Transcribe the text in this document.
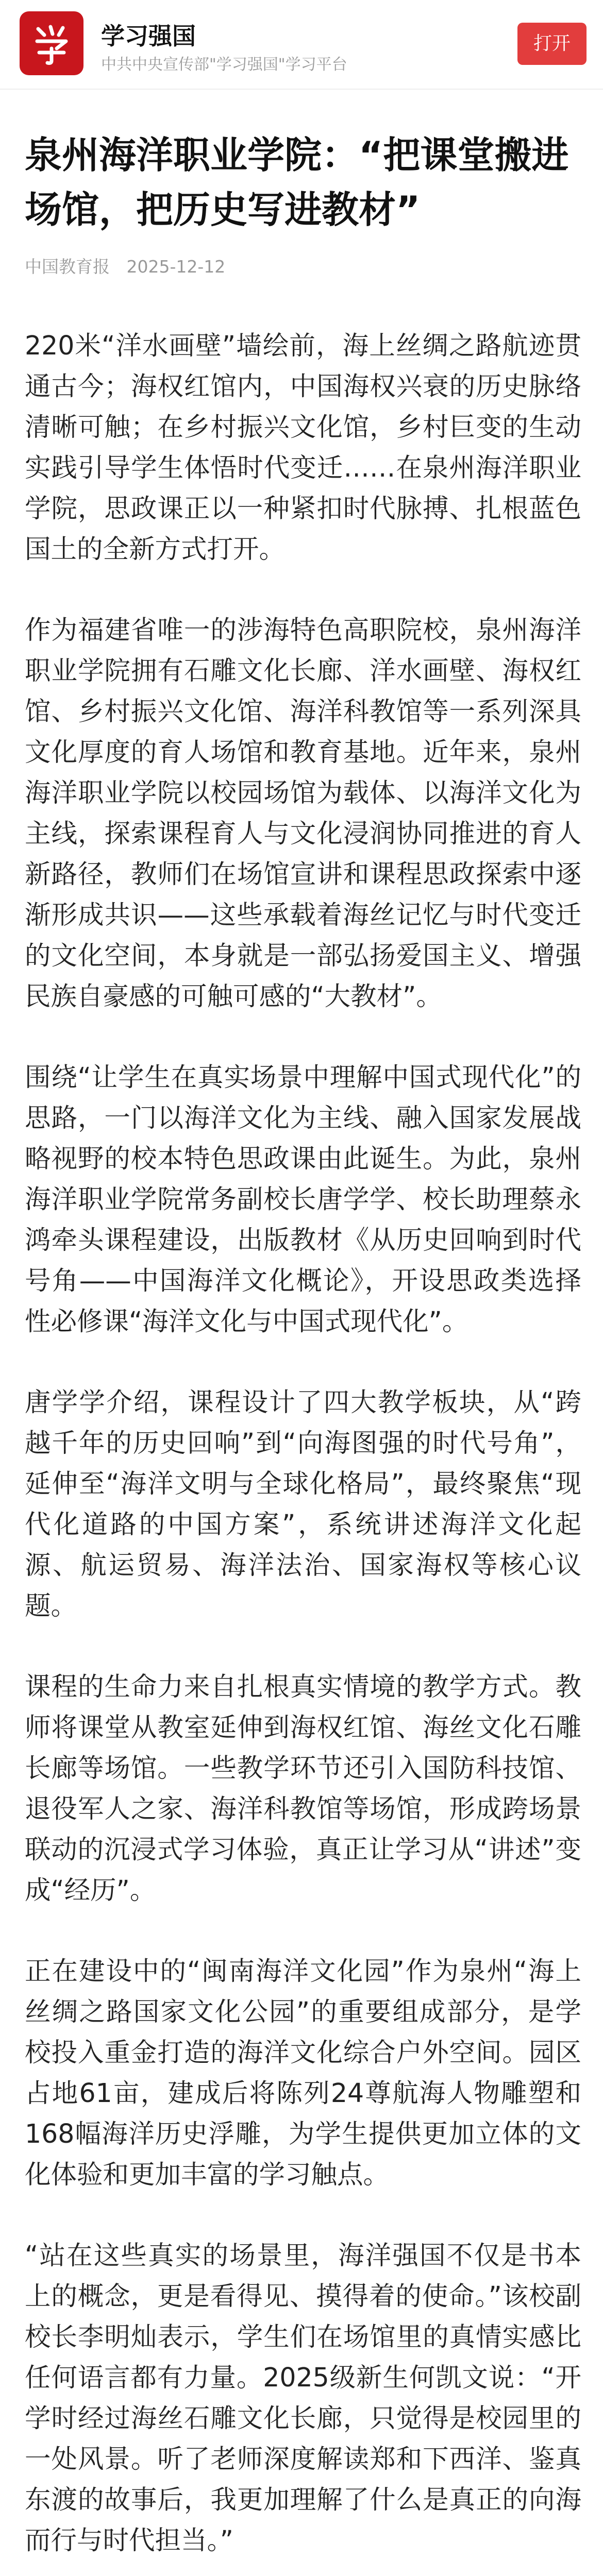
学习强国
中共中央宣传部"学习强国"学习平台
打开
泉州海洋职业学院：“把课堂搬进场馆，把历史写进教材”
中国教育报 2025-12-12

220米“洋水画壁”墙绘前，海上丝绸之路航迹贯通古今；海权红馆内，中国海权兴衰的历史脉络清晰可触；在乡村振兴文化馆，乡村巨变的生动实践引导学生体悟时代变迁……在泉州海洋职业学院，思政课正以一种紧扣时代脉搏、扎根蓝色国土的全新方式打开。

作为福建省唯一的涉海特色高职院校，泉州海洋职业学院拥有石雕文化长廊、洋水画壁、海权红馆、乡村振兴文化馆、海洋科教馆等一系列深具文化厚度的育人场馆和教育基地。近年来，泉州海洋职业学院以校园场馆为载体、以海洋文化为主线，探索课程育人与文化浸润协同推进的育人新路径，教师们在场馆宣讲和课程思政探索中逐渐形成共识——这些承载着海丝记忆与时代变迁的文化空间，本身就是一部弘扬爱国主义、增强民族自豪感的可触可感的“大教材”。

围绕“让学生在真实场景中理解中国式现代化”的思路，一门以海洋文化为主线、融入国家发展战略视野的校本特色思政课由此诞生。为此，泉州海洋职业学院常务副校长唐学学、校长助理蔡永鸿牵头课程建设，出版教材《从历史回响到时代号角——中国海洋文化概论》，开设思政类选择性必修课“海洋文化与中国式现代化”。

唐学学介绍，课程设计了四大教学板块，从“跨越千年的历史回响”到“向海图强的时代号角”，延伸至“海洋文明与全球化格局”，最终聚焦“现代化道路的中国方案”，系统讲述海洋文化起源、航运贸易、海洋法治、国家海权等核心议题。

课程的生命力来自扎根真实情境的教学方式。教师将课堂从教室延伸到海权红馆、海丝文化石雕长廊等场馆。一些教学环节还引入国防科技馆、退役军人之家、海洋科教馆等场馆，形成跨场景联动的沉浸式学习体验，真正让学习从“讲述”变成“经历”。

正在建设中的“闽南海洋文化园”作为泉州“海上丝绸之路国家文化公园”的重要组成部分，是学校投入重金打造的海洋文化综合户外空间。园区占地61亩，建成后将陈列24尊航海人物雕塑和168幅海洋历史浮雕，为学生提供更加立体的文化体验和更加丰富的学习触点。

“站在这些真实的场景里，海洋强国不仅是书本上的概念，更是看得见、摸得着的使命。”该校副校长李明灿表示，学生们在场馆里的真情实感比任何语言都有力量。2025级新生何凯文说：“开学时经过海丝石雕文化长廊，只觉得是校园里的一处风景。听了老师深度解读郑和下西洋、鉴真东渡的故事后，我更加理解了什么是真正的向海而行与时代担当。”
